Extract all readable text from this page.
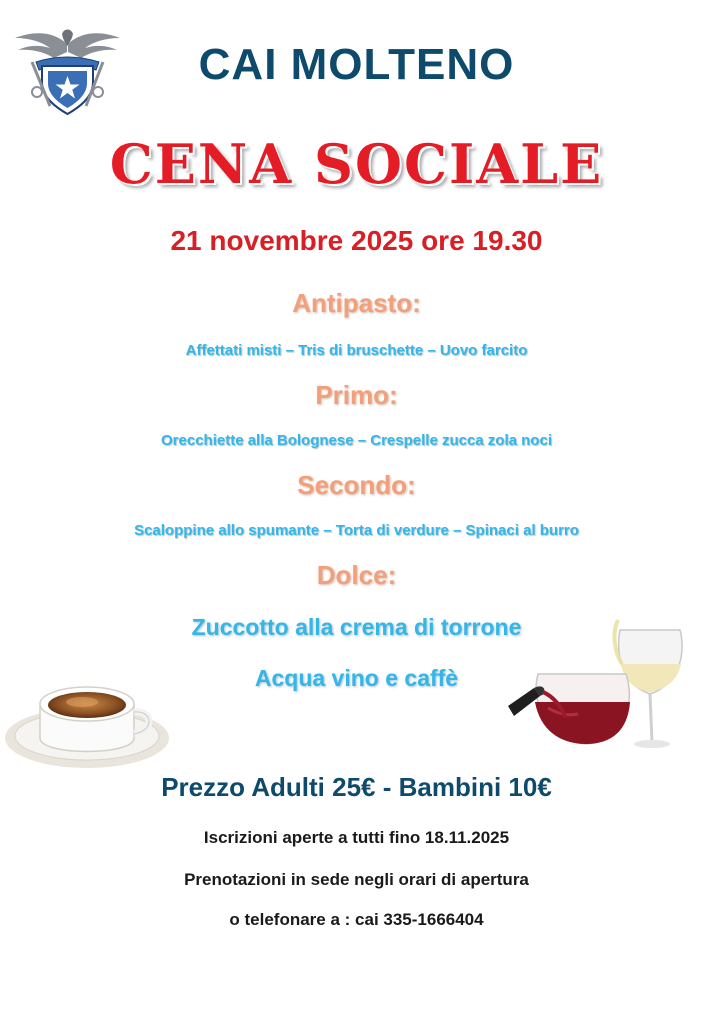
CAI MOLTENO
CENA SOCIALE
21 novembre 2025 ore 19.30
Antipasto:
Affettati misti – Tris di bruschette – Uovo farcito
Primo:
Orecchiette alla Bolognese – Crespelle zucca zola noci
Secondo:
Scaloppine allo spumante – Torta di verdure – Spinaci al burro
Dolce:
Zuccotto alla crema di torrone
Acqua vino e caffè
Prezzo Adulti 25€ - Bambini 10€
Iscrizioni aperte a tutti fino 18.11.2025
Prenotazioni in sede negli orari di apertura
o telefonare a : cai 335-1666404
